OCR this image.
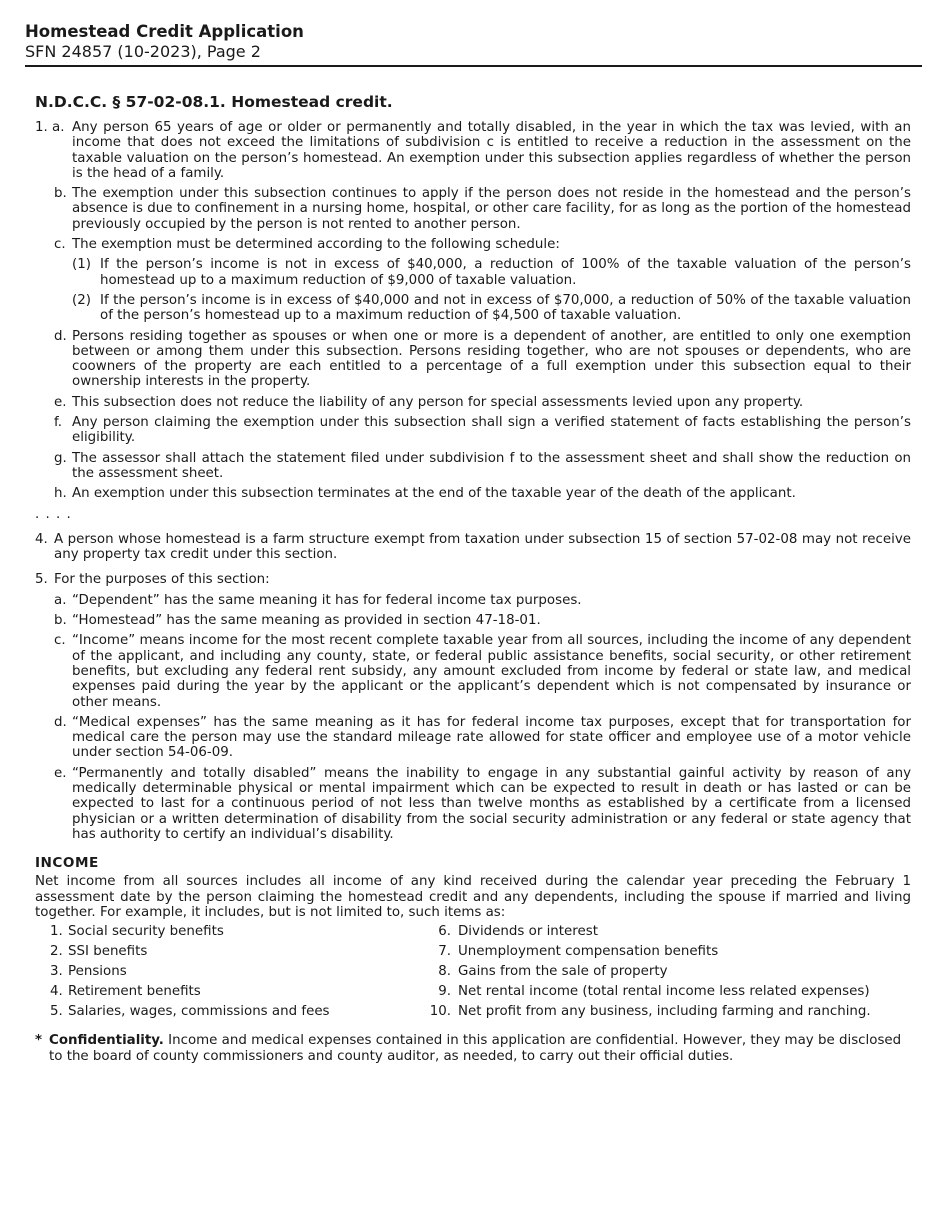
Homestead Credit Application
SFN 24857 (10-2023), Page 2
N.D.C.C. § 57-02-08.1. Homestead credit.
1. a. Any person 65 years of age or older or permanently and totally disabled, in the year in which the tax was levied, with an income that does not exceed the limitations of subdivision c is entitled to receive a reduction in the assessment on the taxable valuation on the person’s homestead. An exemption under this subsection applies regardless of whether the person is the head of a family.
b. The exemption under this subsection continues to apply if the person does not reside in the homestead and the person’s absence is due to confinement in a nursing home, hospital, or other care facility, for as long as the portion of the homestead previously occupied by the person is not rented to another person.
c. The exemption must be determined according to the following schedule:
(1) If the person’s income is not in excess of $40,000, a reduction of 100% of the taxable valuation of the person’s homestead up to a maximum reduction of $9,000 of taxable valuation.
(2) If the person’s income is in excess of $40,000 and not in excess of $70,000, a reduction of 50% of the taxable valuation of the person’s homestead up to a maximum reduction of $4,500 of taxable valuation.
d. Persons residing together as spouses or when one or more is a dependent of another, are entitled to only one exemption between or among them under this subsection. Persons residing together, who are not spouses or dependents, who are coowners of the property are each entitled to a percentage of a full exemption under this subsection equal to their ownership interests in the property.
e. This subsection does not reduce the liability of any person for special assessments levied upon any property.
f. Any person claiming the exemption under this subsection shall sign a verified statement of facts establishing the person’s eligibility.
g. The assessor shall attach the statement filed under subdivision f to the assessment sheet and shall show the reduction on the assessment sheet.
h. An exemption under this subsection terminates at the end of the taxable year of the death of the applicant.
. . . .
4. A person whose homestead is a farm structure exempt from taxation under subsection 15 of section 57-02-08 may not receive any property tax credit under this section.
5. For the purposes of this section:
a. “Dependent” has the same meaning it has for federal income tax purposes.
b. “Homestead” has the same meaning as provided in section 47-18-01.
c. “Income” means income for the most recent complete taxable year from all sources, including the income of any dependent of the applicant, and including any county, state, or federal public assistance benefits, social security, or other retirement benefits, but excluding any federal rent subsidy, any amount excluded from income by federal or state law, and medical expenses paid during the year by the applicant or the applicant’s dependent which is not compensated by insurance or other means.
d. “Medical expenses” has the same meaning as it has for federal income tax purposes, except that for transportation for medical care the person may use the standard mileage rate allowed for state officer and employee use of a motor vehicle under section 54-06-09.
e. “Permanently and totally disabled” means the inability to engage in any substantial gainful activity by reason of any medically determinable physical or mental impairment which can be expected to result in death or has lasted or can be expected to last for a continuous period of not less than twelve months as established by a certificate from a licensed physician or a written determination of disability from the social security administration or any federal or state agency that has authority to certify an individual’s disability.
INCOME
Net income from all sources includes all income of any kind received during the calendar year preceding the February 1 assessment date by the person claiming the homestead credit and any dependents, including the spouse if married and living together. For example, it includes, but is not limited to, such items as:
1. Social security benefits
2. SSI benefits
3. Pensions
4. Retirement benefits
5. Salaries, wages, commissions and fees
6. Dividends or interest
7. Unemployment compensation benefits
8. Gains from the sale of property
9. Net rental income (total rental income less related expenses)
10. Net profit from any business, including farming and ranching.
* Confidentiality. Income and medical expenses contained in this application are confidential. However, they may be disclosed to the board of county commissioners and county auditor, as needed, to carry out their official duties.
